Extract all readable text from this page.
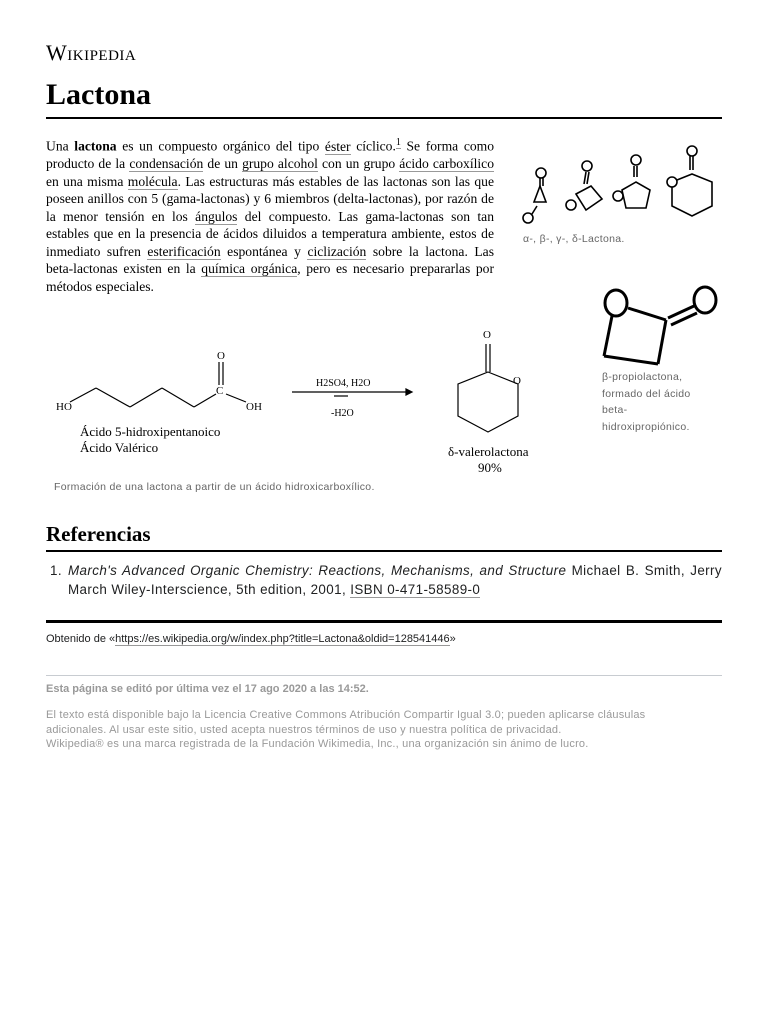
Wikipedia
Lactona
Una lactona es un compuesto orgánico del tipo éster cíclico.$^1$ Se forma como producto de la condensación de un grupo alcohol con un grupo ácido carboxílico en una misma molécula. Las estructuras más estables de las lactonas son las que poseen anillos con 5 (gama-lactonas) y 6 miembros (delta-lactonas), por razón de la menor tensión en los ángulos del compuesto. Las gama-lactonas son tan estables que en la presencia de ácidos diluidos a temperatura ambiente, estos de inmediato sufren esterificación espontánea y ciclización sobre la lactona. Las beta-lactonas existen en la química orgánica, pero es necesario prepararlas por métodos especiales.
α-, β-, γ-, δ-Lactona.
β-propiolactona,
formado del ácido
beta-
hidroxipropiónico.
HO
O
C
OH
Ácido 5-hidroxipentanoico
Ácido Valérico
H2SO4, H2O
-H2O
O
O
δ-valerolactona
90%
Formación de una lactona a partir de un ácido hidroxicarboxílico.
Referencias
1. March's Advanced Organic Chemistry: Reactions, Mechanisms, and Structure Michael B. Smith, Jerry March Wiley-Interscience, 5th edition, 2001, ISBN 0-471-58589-0
Obtenido de «https://es.wikipedia.org/w/index.php?title=Lactona&oldid=128541446»
Esta página se editó por última vez el 17 ago 2020 a las 14:52.
El texto está disponible bajo la Licencia Creative Commons Atribución Compartir Igual 3.0; pueden aplicarse cláusulas
adicionales. Al usar este sitio, usted acepta nuestros términos de uso y nuestra política de privacidad.
Wikipedia® es una marca registrada de la Fundación Wikimedia, Inc., una organización sin ánimo de lucro.
